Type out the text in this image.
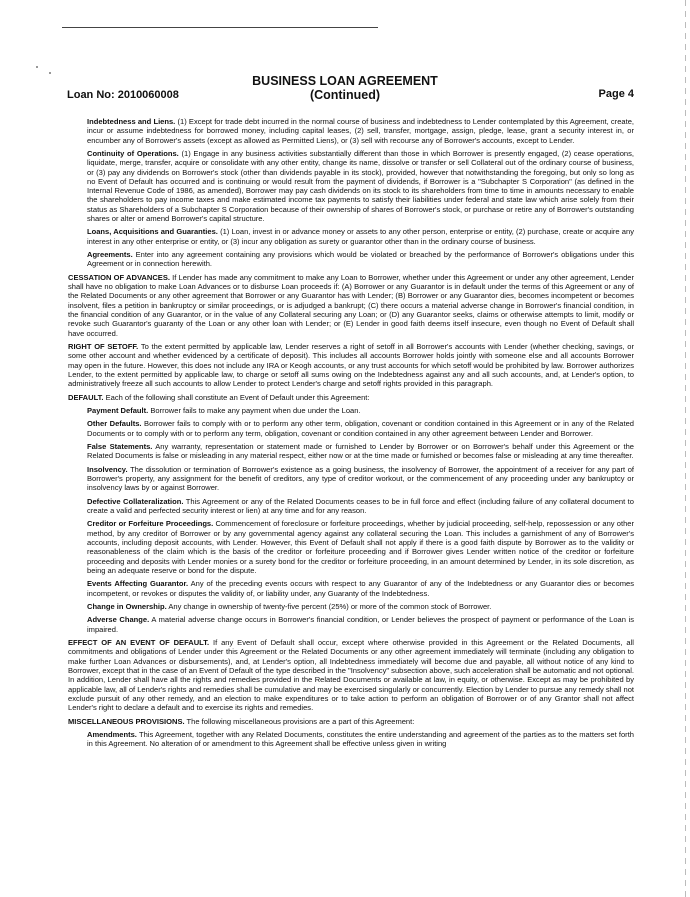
BUSINESS LOAN AGREEMENT
(Continued)
Loan No: 2010060008	Page 4

Indebtedness and Liens. (1) Except for trade debt incurred in the normal course of business and indebtedness to Lender contemplated by this Agreement, create, incur or assume indebtedness for borrowed money, including capital leases, (2) sell, transfer, mortgage, assign, pledge, lease, grant a security interest in, or encumber any of Borrower's assets (except as allowed as Permitted Liens), or (3) sell with recourse any of Borrower's accounts, except to Lender.

Continuity of Operations. (1) Engage in any business activities substantially different than those in which Borrower is presently engaged, (2) cease operations, liquidate, merge, transfer, acquire or consolidate with any other entity, change its name, dissolve or transfer or sell Collateral out of the ordinary course of business, or (3) pay any dividends on Borrower's stock (other than dividends payable in its stock), provided, however that notwithstanding the foregoing, but only so long as no Event of Default has occurred and is continuing or would result from the payment of dividends, if Borrower is a "Subchapter S Corporation" (as defined in the Internal Revenue Code of 1986, as amended), Borrower may pay cash dividends on its stock to its shareholders from time to time in amounts necessary to enable the shareholders to pay income taxes and make estimated income tax payments to satisfy their liabilities under federal and state law which arise solely from their status as Shareholders of a Subchapter S Corporation because of their ownership of shares of Borrower's stock, or purchase or retire any of Borrower's outstanding shares or alter or amend Borrower's capital structure.

Loans, Acquisitions and Guaranties. (1) Loan, invest in or advance money or assets to any other person, enterprise or entity, (2) purchase, create or acquire any interest in any other enterprise or entity, or (3) incur any obligation as surety or guarantor other than in the ordinary course of business.

Agreements. Enter into any agreement containing any provisions which would be violated or breached by the performance of Borrower's obligations under this Agreement or in connection herewith.

CESSATION OF ADVANCES. If Lender has made any commitment to make any Loan to Borrower, whether under this Agreement or under any other agreement, Lender shall have no obligation to make Loan Advances or to disburse Loan proceeds if: (A) Borrower or any Guarantor is in default under the terms of this Agreement or any of the Related Documents or any other agreement that Borrower or any Guarantor has with Lender; (B) Borrower or any Guarantor dies, becomes incompetent or becomes insolvent, files a petition in bankruptcy or similar proceedings, or is adjudged a bankrupt; (C) there occurs a material adverse change in Borrower's financial condition, in the financial condition of any Guarantor, or in the value of any Collateral securing any Loan; or (D) any Guarantor seeks, claims or otherwise attempts to limit, modify or revoke such Guarantor's guaranty of the Loan or any other loan with Lender; or (E) Lender in good faith deems itself insecure, even though no Event of Default shall have occurred.

RIGHT OF SETOFF. To the extent permitted by applicable law, Lender reserves a right of setoff in all Borrower's accounts with Lender (whether checking, savings, or some other account and whether evidenced by a certificate of deposit). This includes all accounts Borrower holds jointly with someone else and all accounts Borrower may open in the future. However, this does not include any IRA or Keogh accounts, or any trust accounts for which setoff would be prohibited by law. Borrower authorizes Lender, to the extent permitted by applicable law, to charge or setoff all sums owing on the Indebtedness against any and all such accounts, and, at Lender's option, to administratively freeze all such accounts to allow Lender to protect Lender's charge and setoff rights provided in this paragraph.

DEFAULT. Each of the following shall constitute an Event of Default under this Agreement:

Payment Default. Borrower fails to make any payment when due under the Loan.

Other Defaults. Borrower fails to comply with or to perform any other term, obligation, covenant or condition contained in this Agreement or in any of the Related Documents or to comply with or to perform any term, obligation, covenant or condition contained in any other agreement between Lender and Borrower.

False Statements. Any warranty, representation or statement made or furnished to Lender by Borrower or on Borrower's behalf under this Agreement or the Related Documents is false or misleading in any material respect, either now or at the time made or furnished or becomes false or misleading at any time thereafter.

Insolvency. The dissolution or termination of Borrower's existence as a going business, the insolvency of Borrower, the appointment of a receiver for any part of Borrower's property, any assignment for the benefit of creditors, any type of creditor workout, or the commencement of any proceeding under any bankruptcy or insolvency laws by or against Borrower.

Defective Collateralization. This Agreement or any of the Related Documents ceases to be in full force and effect (including failure of any collateral document to create a valid and perfected security interest or lien) at any time and for any reason.

Creditor or Forfeiture Proceedings. Commencement of foreclosure or forfeiture proceedings, whether by judicial proceeding, self-help, repossession or any other method, by any creditor of Borrower or by any governmental agency against any collateral securing the Loan. This includes a garnishment of any of Borrower's accounts, including deposit accounts, with Lender. However, this Event of Default shall not apply if there is a good faith dispute by Borrower as to the validity or reasonableness of the claim which is the basis of the creditor or forfeiture proceeding and if Borrower gives Lender written notice of the creditor or forfeiture proceeding and deposits with Lender monies or a surety bond for the creditor or forfeiture proceeding, in an amount determined by Lender, in its sole discretion, as being an adequate reserve or bond for the dispute.

Events Affecting Guarantor. Any of the preceding events occurs with respect to any Guarantor of any of the Indebtedness or any Guarantor dies or becomes incompetent, or revokes or disputes the validity of, or liability under, any Guaranty of the Indebtedness.

Change in Ownership. Any change in ownership of twenty-five percent (25%) or more of the common stock of Borrower.

Adverse Change. A material adverse change occurs in Borrower's financial condition, or Lender believes the prospect of payment or performance of the Loan is impaired.

EFFECT OF AN EVENT OF DEFAULT. If any Event of Default shall occur, except where otherwise provided in this Agreement or the Related Documents, all commitments and obligations of Lender under this Agreement or the Related Documents or any other agreement immediately will terminate (including any obligation to make further Loan Advances or disbursements), and, at Lender's option, all Indebtedness immediately will become due and payable, all without notice of any kind to Borrower, except that in the case of an Event of Default of the type described in the "Insolvency" subsection above, such acceleration shall be automatic and not optional. In addition, Lender shall have all the rights and remedies provided in the Related Documents or available at law, in equity, or otherwise. Except as may be prohibited by applicable law, all of Lender's rights and remedies shall be cumulative and may be exercised singularly or concurrently. Election by Lender to pursue any remedy shall not exclude pursuit of any other remedy, and an election to make expenditures or to take action to perform an obligation of Borrower or of any Grantor shall not affect Lender's right to declare a default and to exercise its rights and remedies.

MISCELLANEOUS PROVISIONS. The following miscellaneous provisions are a part of this Agreement:

Amendments. This Agreement, together with any Related Documents, constitutes the entire understanding and agreement of the parties as to the matters set forth in this Agreement. No alteration of or amendment to this Agreement shall be effective unless given in writing
